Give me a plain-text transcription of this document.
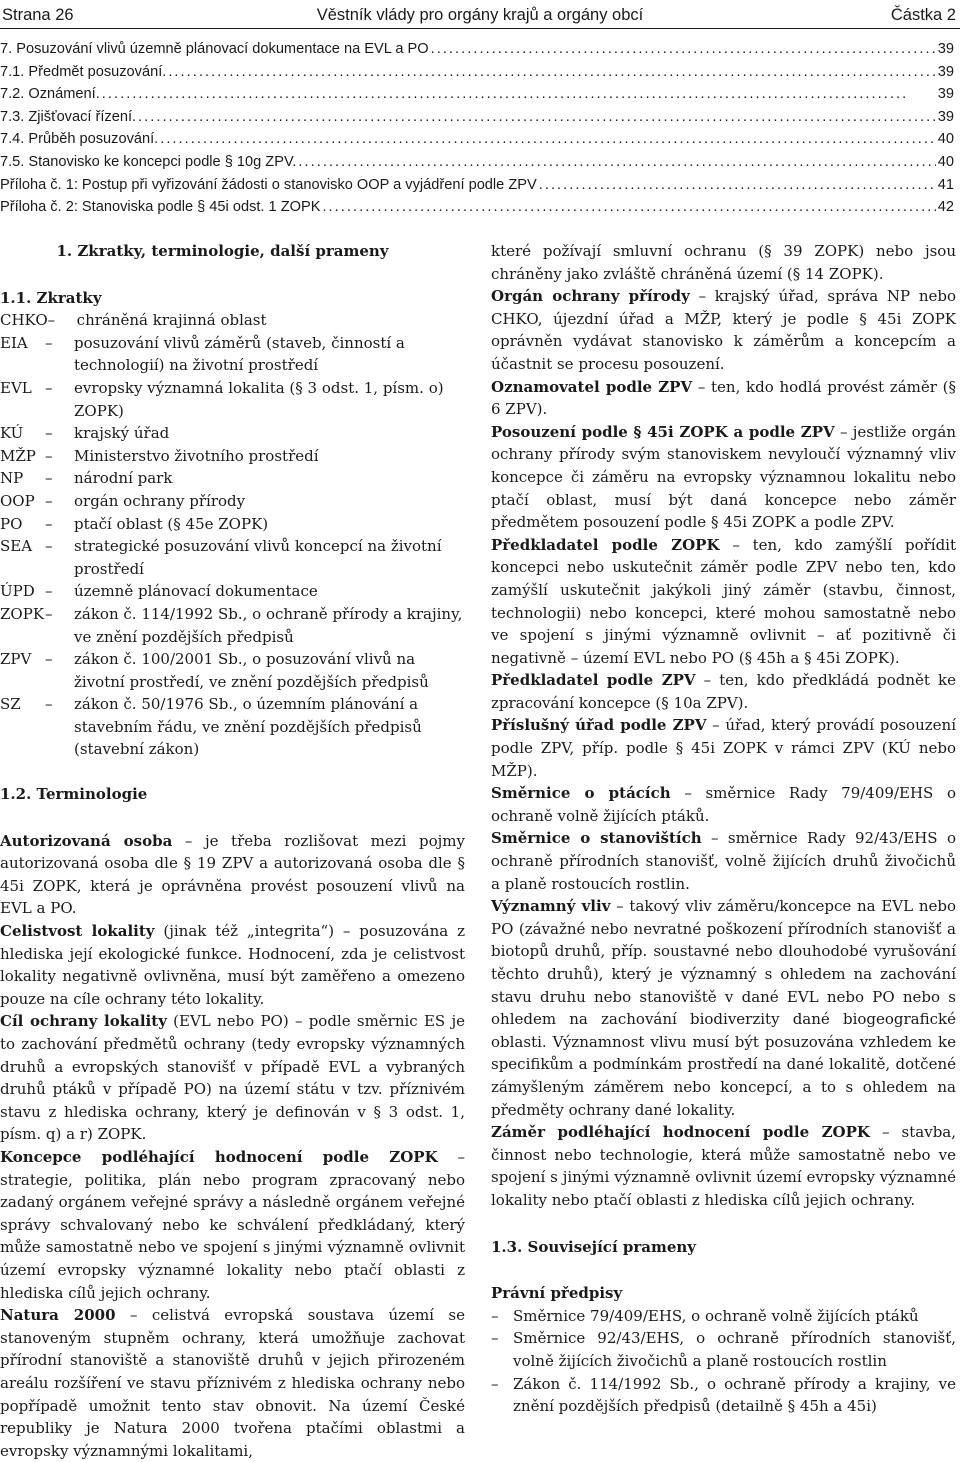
Strana 26	Věstník vlády pro orgány krajů a orgány obcí	Částka 2
7. Posuzování vlivů územně plánovací dokumentace na EVL a PO . . .	39
7.1. Předmět posuzování. . . .	39
7.2. Oznámení. . . .	39
7.3. Zjišťovací řízení. . . .	39
7.4. Průběh posuzování. . . .	40
7.5. Stanovisko ke koncepci podle § 10g ZPV. . . .	40
Příloha č. 1: Postup při vyřizování žádosti o stanovisko OOP a vyjádření podle ZPV . . .	41
Příloha č. 2: Stanoviska podle § 45i odst. 1 ZOPK . . .	42
1. Zkratky, terminologie, další prameny
1.1. Zkratky
CHKO –	chráněná krajinná oblast
EIA	–	posuzování vlivů záměrů (staveb, činností a technologií) na životní prostředí
EVL –	evropsky významná lokalita (§ 3 odst. 1, písm. o) ZOPK)
KÚ	–	krajský úřad
MŽP –	Ministerstvo životního prostředí
NP	–	národní park
OOP –	orgán ochrany přírody
PO	–	ptačí oblast (§ 45e ZOPK)
SEA –	strategické posuzování vlivů koncepcí na životní prostředí
ÚPD –	územně plánovací dokumentace
ZOPK –	zákon č. 114/1992 Sb., o ochraně přírody a krajiny, ve znění pozdějších předpisů
ZPV –	zákon č. 100/2001 Sb., o posuzování vlivů na životní prostředí, ve znění pozdějších předpisů
SZ	–	zákon č. 50/1976 Sb., o územním plánování a stavebním řádu, ve znění pozdějších předpisů (stavební zákon)
1.2. Terminologie

Autorizovaná osoba – je třeba rozlišovat mezi pojmy autorizovaná osoba dle § 19 ZPV a autorizovaná osoba dle § 45i ZOPK, která je oprávněna provést posouzení vlivů na EVL a PO.

Celistvost lokality (jinak též „integrita“) – posuzována z hlediska její ekologické funkce. Hodnocení, zda je celistvost lokality negativně ovlivněna, musí být zaměřeno a omezeno pouze na cíle ochrany této lokality.

Cíl ochrany lokality (EVL nebo PO) – podle směrnic ES je to zachování předmětů ochrany (tedy evropsky významných druhů a evropských stanovišť v případě EVL a vybraných druhů ptáků v případě PO) na území státu v tzv. příznivém stavu z hlediska ochrany, který je definován v § 3 odst. 1, písm. q) a r) ZOPK.

Koncepce podléhající hodnocení podle ZOPK – strategie, politika, plán nebo program zpracovaný nebo zadaný orgánem veřejné správy a následně orgánem veřejné správy schvalovaný nebo ke schválení předkládaný, který může samostatně nebo ve spojení s jinými významně ovlivnit území evropsky významné lokality nebo ptačí oblasti z hlediska cílů jejich ochrany.

Natura 2000 – celistvá evropská soustava území se stanoveným stupněm ochrany, která umožňuje zachovat přírodní stanoviště a stanoviště druhů v jejich přirozeném areálu rozšíření ve stavu příznivém z hlediska ochrany nebo popřípadě umožnit tento stav obnovit. Na území České republiky je Natura 2000 tvořena ptačími oblastmi a evropsky významnými lokalitami,

které požívají smluvní ochranu (§ 39 ZOPK) nebo jsou chráněny jako zvláště chráněná území (§ 14 ZOPK).

Orgán ochrany přírody – krajský úřad, správa NP nebo CHKO, újezdní úřad a MŽP, který je podle § 45i ZOPK oprávněn vydávat stanovisko k záměrům a koncepcím a účastnit se procesu posouzení.

Oznamovatel podle ZPV – ten, kdo hodlá provést záměr (§ 6 ZPV).

Posouzení podle § 45i ZOPK a podle ZPV – jestliže orgán ochrany přírody svým stanoviskem nevyloučí významný vliv koncepce či záměru na evropsky významnou lokalitu nebo ptačí oblast, musí být daná koncepce nebo záměr předmětem posouzení podle § 45i ZOPK a podle ZPV.

Předkladatel podle ZOPK – ten, kdo zamýšlí pořídit koncepci nebo uskutečnit záměr podle ZPV nebo ten, kdo zamýšlí uskutečnit jakýkoli jiný záměr (stavbu, činnost, technologii) nebo koncepci, které mohou samostatně nebo ve spojení s jinými významně ovlivnit – ať pozitivně či negativně – území EVL nebo PO (§ 45h a § 45i ZOPK).

Předkladatel podle ZPV – ten, kdo předkládá podnět ke zpracování koncepce (§ 10a ZPV).

Příslušný úřad podle ZPV – úřad, který provádí posouzení podle ZPV, příp. podle § 45i ZOPK v rámci ZPV (KÚ nebo MŽP).

Směrnice o ptácích – směrnice Rady 79/409/EHS o ochraně volně žijících ptáků.

Směrnice o stanovištích – směrnice Rady 92/43/EHS o ochraně přírodních stanovišť, volně žijících druhů živočichů a planě rostoucích rostlin.

Významný vliv – takový vliv záměru/koncepce na EVL nebo PO (závažné nebo nevratné poškození přírodních stanovišť a biotopů druhů, příp. soustavné nebo dlouhodobé vyrušování těchto druhů), který je významný s ohledem na zachování stavu druhu nebo stanoviště v dané EVL nebo PO nebo s ohledem na zachování biodiverzity dané biogeografické oblasti. Významnost vlivu musí být posuzována vzhledem ke specifikům a podmínkám prostředí na dané lokalitě, dotčené zámyšleným záměrem nebo koncepcí, a to s ohledem na předměty ochrany dané lokality.

Záměr podléhající hodnocení podle ZOPK – stavba, činnost nebo technologie, která může samostatně nebo ve spojení s jinými významně ovlivnit území evropsky významné lokality nebo ptačí oblasti z hlediska cílů jejich ochrany.

1.3. Související prameny
Právní předpisy
– Směrnice 79/409/EHS, o ochraně volně žijících ptáků
– Směrnice 92/43/EHS, o ochraně přírodních stanovišť, volně žijících živočichů a planě rostoucích rostlin
– Zákon č. 114/1992 Sb., o ochraně přírody a krajiny, ve znění pozdějších předpisů (detailně § 45h a 45i)
